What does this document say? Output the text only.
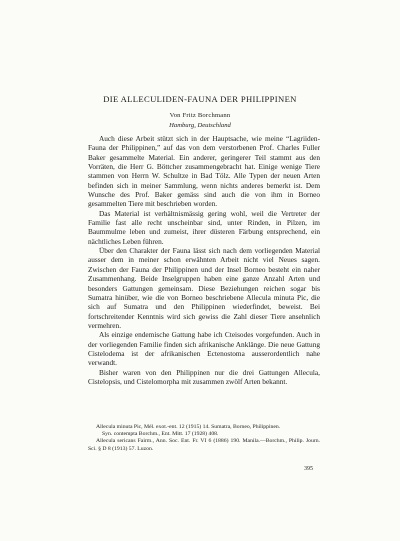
DIE ALLECULIDEN-FAUNA DER PHILIPPINEN
Von Fritz Borchmann
Hamburg, Deutschland

Auch diese Arbeit stützt sich in der Hauptsache, wie meine “Lagriiden-Fauna der Philippinen,” auf das von dem verstorbenen Prof. Charles Fuller Baker gesammelte Material. Ein anderer, geringerer Teil stammt aus den Vorräten, die Herr G. Böttcher zusammengebracht hat. Einige wenige Tiere stammen von Herrn W. Schultze in Bad Tölz. Alle Typen der neuen Arten befinden sich in meiner Sammlung, wenn nichts anderes bemerkt ist. Dem Wunsche des Prof. Baker gemäss sind auch die von ihm in Borneo gesammelten Tiere mit beschrieben worden.

Das Material ist verhältnismässig gering wohl, weil die Vertreter der Familie fast alle recht unscheinbar sind, unter Rinden, in Pilzen, im Baummulme leben und zumeist, ihrer düsteren Färbung entsprechend, ein nächtliches Leben führen.

Über den Charakter der Fauna lässt sich nach dem vorliegenden Material ausser dem in meiner schon erwähnten Arbeit nicht viel Neues sagen. Zwischen der Fauna der Philippinen und der Insel Borneo besteht ein naher Zusammenhang. Beide Inselgruppen haben eine ganze Anzahl Arten und besonders Gattungen gemeinsam. Diese Beziehungen reichen sogar bis Sumatra hinüber, wie die von Borneo beschriebene Allecula minuta Pic, die sich auf Sumatra und den Philippinen wiederfindet, beweist. Bei fortschreitender Kenntnis wird sich gewiss die Zahl dieser Tiere ansehnlich vermehren.

Als einzige endemische Gattung habe ich Cteisodes vorgefunden. Auch in der vorliegenden Familie finden sich afrikanische Anklänge. Die neue Gattung Cistelodema ist der afrikanischen Ectenostoma ausserordentlich nahe verwandt.

Bisher waren von den Philippinen nur die drei Gattungen Allecula, Cistelopsis, und Cistelomorpha mit zusammen zwölf Arten bekannt.

Allecula minuta Pic, Mél. exot.-ent. 12 (1915) 14. Sumatra, Borneo, Philippinen.

Syn. contempta Borchm., Ent. Mitt. 17 (1928) 408.

Allecula sericans Fairm., Ann. Soc. Ent. Fr. VI 6 (1886) 190. Manila.—Borchm., Philip. Journ. Sci. § D 8 (1913) 57. Luzon.

395
